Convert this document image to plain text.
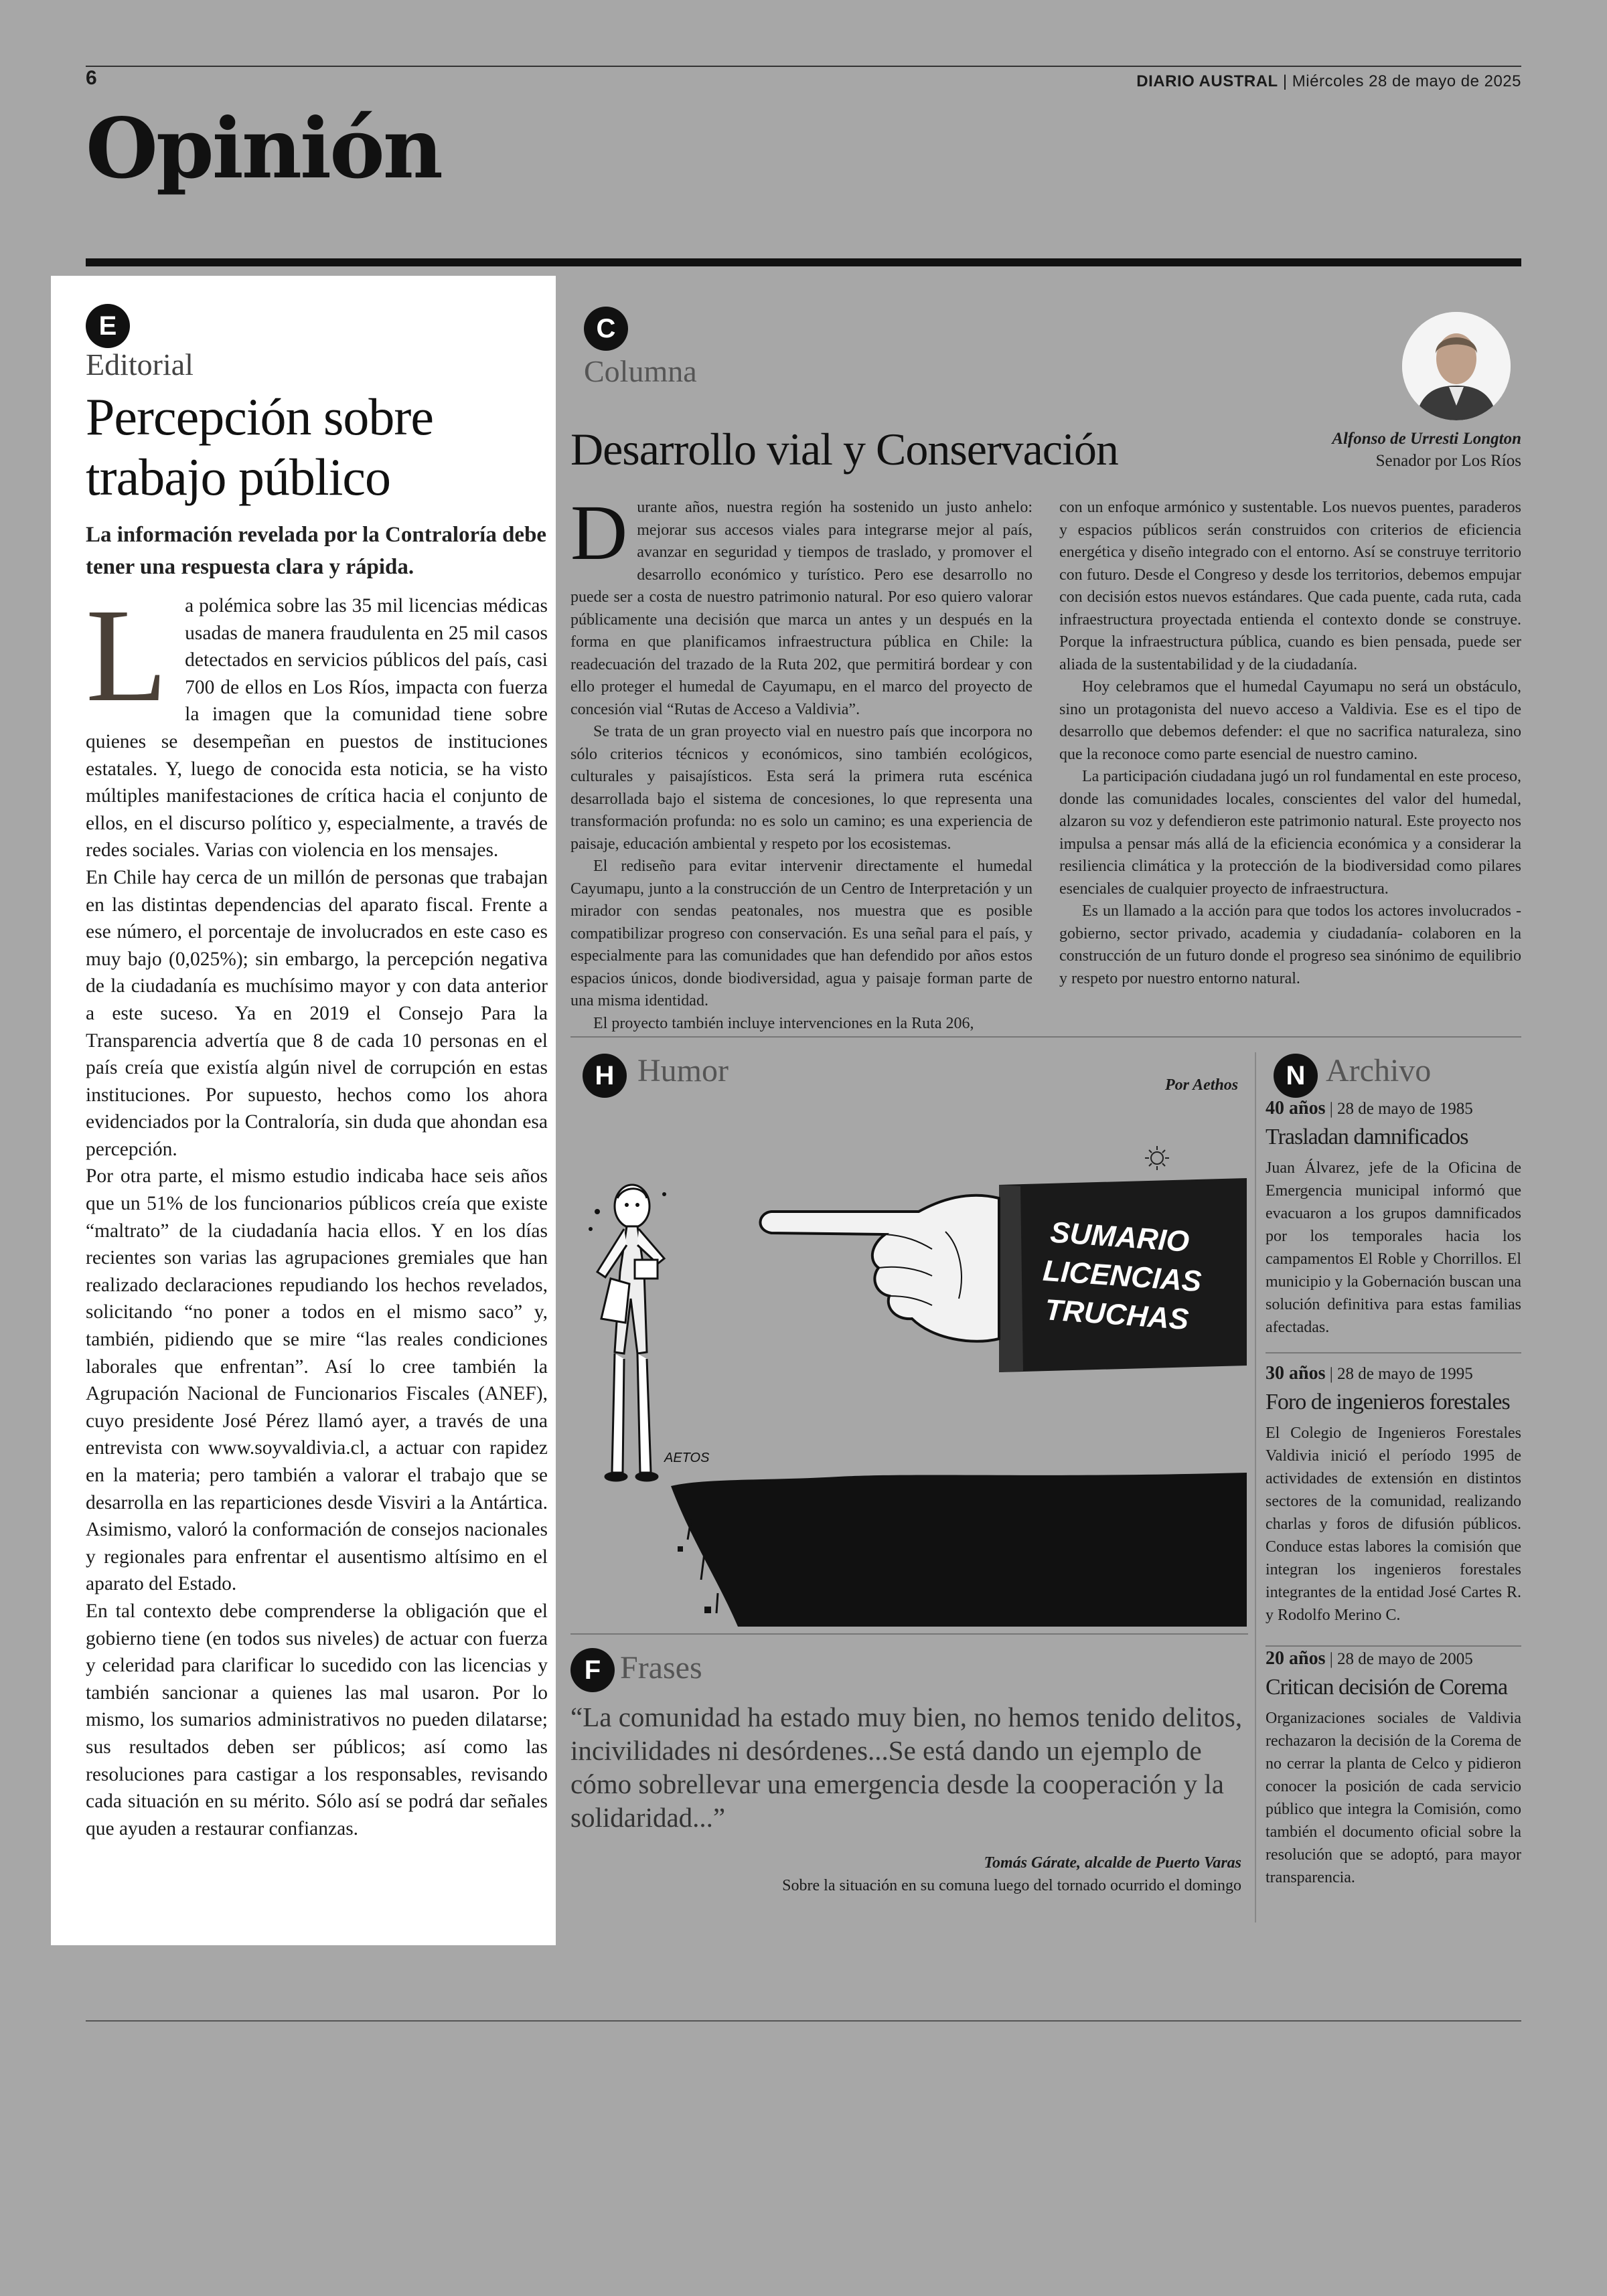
6	DIARIO AUSTRAL | Miércoles 28 de mayo de 2025
Opinión
E
Editorial
Percepción sobre
trabajo público
La información revelada por la Contraloría debe tener una respuesta clara y rápida.
L a polémica sobre las 35 mil licencias médicas usadas de manera fraudulenta en 25 mil casos detectados en servicios públicos del país, casi 700 de ellos en Los Ríos, impacta con fuerza la imagen que la comunidad tiene sobre quienes se desempeñan en puestos de instituciones estatales. Y, luego de conocida esta noticia, se ha visto múltiples manifestaciones de crítica hacia el conjunto de ellos, en el discurso político y, especialmente, a través de redes sociales. Varias con violencia en los mensajes.

En Chile hay cerca de un millón de personas que trabajan en las distintas dependencias del aparato fiscal. Frente a ese número, el porcentaje de involucrados en este caso es muy bajo (0,025%); sin embargo, la percepción negativa de la ciudadanía es muchísimo mayor y con data anterior a este suceso. Ya en 2019 el Consejo Para la Transparencia advertía que 8 de cada 10 personas en el país creía que existía algún nivel de corrupción en estas instituciones. Por supuesto, hechos como los ahora evidenciados por la Contraloría, sin duda que ahondan esa percepción.

Por otra parte, el mismo estudio indicaba hace seis años que un 51% de los funcionarios públicos creía que existe “maltrato” de la ciudadanía hacia ellos. Y en los días recientes son varias las agrupaciones gremiales que han realizado declaraciones repudiando los hechos revelados, solicitando “no poner a todos en el mismo saco” y, también, pidiendo que se mire “las reales condiciones laborales que enfrentan”. Así lo cree también la Agrupación Nacional de Funcionarios Fiscales (ANEF), cuyo presidente José Pérez llamó ayer, a través de una entrevista con www.soyvaldivia.cl, a actuar con rapidez en la materia; pero también a valorar el trabajo que se desarrolla en las reparticiones desde Visviri a la Antártica. Asimismo, valoró la conformación de consejos nacionales y regionales para enfrentar el ausentismo altísimo en el aparato del Estado.

En tal contexto debe comprenderse la obligación que el gobierno tiene (en todos sus niveles) de actuar con fuerza y celeridad para clarificar lo sucedido con las licencias y también sancionar a quienes las mal usaron. Por lo mismo, los sumarios administrativos no pueden dilatarse; sus resultados deben ser públicos; así como las resoluciones para castigar a los responsables, revisando cada situación en su mérito. Sólo así se podrá dar señales que ayuden a restaurar confianzas.

C
Columna
Desarrollo vial y Conservación	Alfonso de Urresti Longton
Senador por Los Ríos
D urante años, nuestra región ha sostenido un justo anhelo: mejorar sus accesos viales para integrarse mejor al país, avanzar en seguridad y tiempos de traslado, y promover el desarrollo económico y turístico. Pero ese desarrollo no puede ser a costa de nuestro patrimonio natural. Por eso quiero valorar públicamente una decisión que marca un antes y un después en la forma en que planificamos infraestructura pública en Chile: la readecuación del trazado de la Ruta 202, que permitirá bordear y con ello proteger el humedal de Cayumapu, en el marco del proyecto de concesión vial “Rutas de Acceso a Valdivia”.

Se trata de un gran proyecto vial en nuestro país que incorpora no sólo criterios técnicos y económicos, sino también ecológicos, culturales y paisajísticos. Esta será la primera ruta escénica desarrollada bajo el sistema de concesiones, lo que representa una transformación profunda: no es solo un camino; es una experiencia de paisaje, educación ambiental y respeto por los ecosistemas.

El rediseño para evitar intervenir directamente el humedal Cayumapu, junto a la construcción de un Centro de Interpretación y un mirador con sendas peatonales, nos muestra que es posible compatibilizar progreso con conservación. Es una señal para el país, y especialmente para las comunidades que han defendido por años estos espacios únicos, donde biodiversidad, agua y paisaje forman parte de una misma identidad.

El proyecto también incluye intervenciones en la Ruta 206,

con un enfoque armónico y sustentable. Los nuevos puentes, paraderos y espacios públicos serán construidos con criterios de eficiencia energética y diseño integrado con el entorno. Así se construye territorio con futuro. Desde el Congreso y desde los territorios, debemos empujar con decisión estos nuevos estándares. Que cada puente, cada ruta, cada infraestructura proyectada entienda el contexto donde se construye. Porque la infraestructura pública, cuando es bien pensada, puede ser aliada de la sustentabilidad y de la ciudadanía.

Hoy celebramos que el humedal Cayumapu no será un obstáculo, sino un protagonista del nuevo acceso a Valdivia. Ese es el tipo de desarrollo que debemos defender: el que no sacrifica naturaleza, sino que la reconoce como parte esencial de nuestro camino.

La participación ciudadana jugó un rol fundamental en este proceso, donde las comunidades locales, conscientes del valor del humedal, alzaron su voz y defendieron este patrimonio natural. Este proyecto nos impulsa a pensar más allá de la eficiencia económica y a considerar la resiliencia climática y la protección de la biodiversidad como pilares esenciales de cualquier proyecto de infraestructura.

Es un llamado a la acción para que todos los actores involucrados -gobierno, sector privado, academia y ciudadanía- colaboren en la construcción de un futuro donde el progreso sea sinónimo de equilibrio y respeto por nuestro entorno natural.

H Humor	Por Aethos
SUMARIO
LICENCIAS
TRUCHAS
AETOS
F Frases
“La comunidad ha estado muy bien, no hemos tenido delitos, incivilidades ni desórdenes...Se está dando un ejemplo de cómo sobrellevar una emergencia desde la cooperación y la solidaridad...”
Tomás Gárate, alcalde de Puerto Varas
Sobre la situación en su comuna luego del tornado ocurrido el domingo
N Archivo
40 años | 28 de mayo de 1985
Trasladan damnificados
Juan Álvarez, jefe de la Oficina de Emergencia municipal informó que evacuaron a los grupos damnificados por los temporales hacia los campamentos El Roble y Chorrillos. El municipio y la Gobernación buscan una solución definitiva para estas familias afectadas.
30 años | 28 de mayo de 1995
Foro de ingenieros forestales
El Colegio de Ingenieros Forestales Valdivia inició el período 1995 de actividades de extensión en distintos sectores de la comunidad, realizando charlas y foros de difusión públicos. Conduce estas labores la comisión que integran los ingenieros forestales integrantes de la entidad José Cartes R. y Rodolfo Merino C.
20 años | 28 de mayo de 2005
Critican decisión de Corema
Organizaciones sociales de Valdivia rechazaron la decisión de la Corema de no cerrar la planta de Celco y pidieron conocer la posición de cada servicio público que integra la Comisión, como también el documento oficial sobre la resolución que se adoptó, para mayor transparencia.
